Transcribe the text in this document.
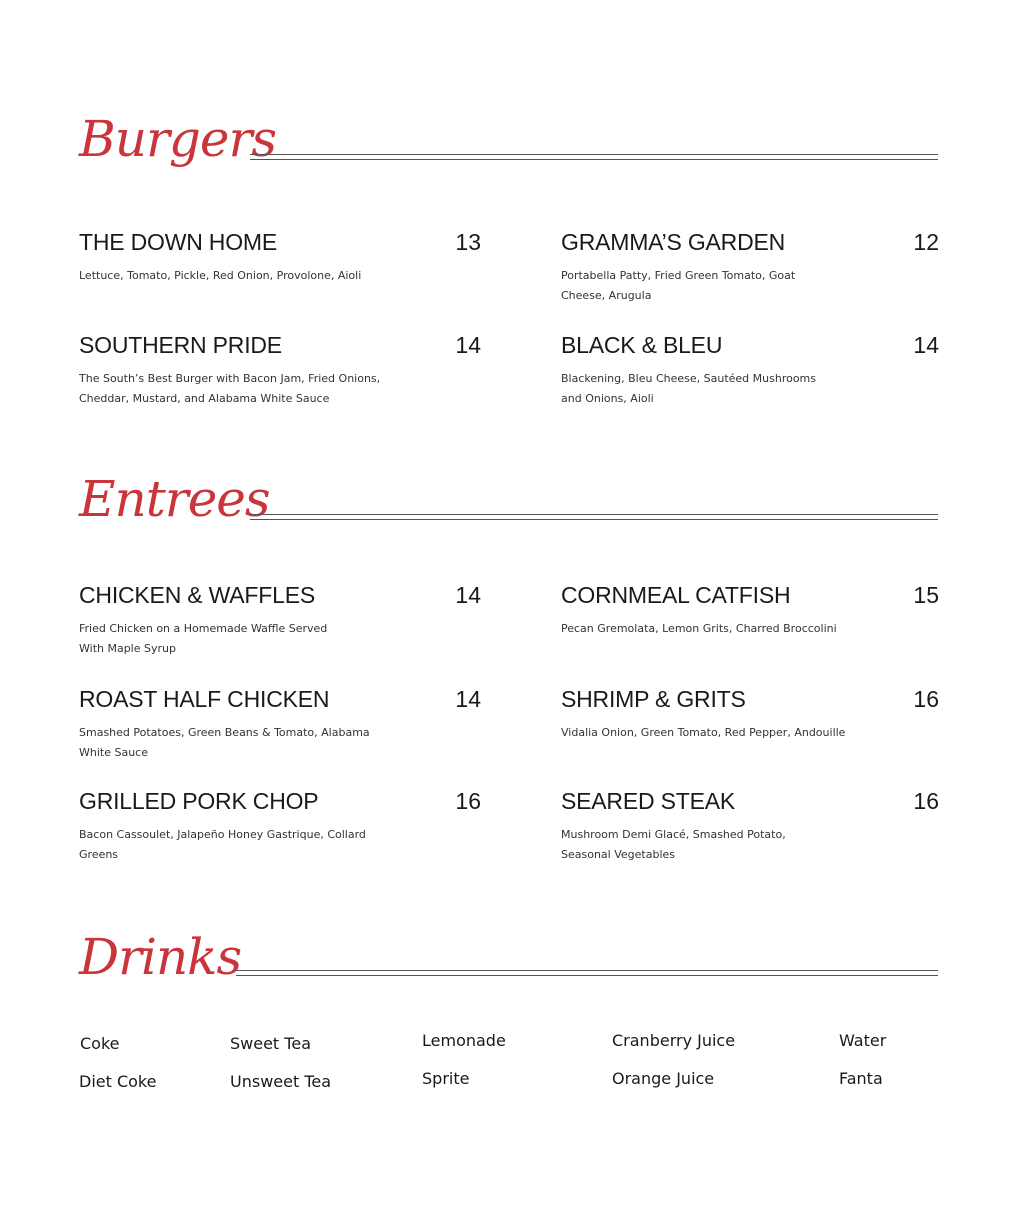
Burgers
THE DOWN HOME	13
Lettuce, Tomato, Pickle, Red Onion, Provolone, Aioli
GRAMMA’S GARDEN	12
Portabella Patty, Fried Green Tomato, Goat Cheese, Arugula
SOUTHERN PRIDE	14
The South’s Best Burger with Bacon Jam, Fried Onions, Cheddar, Mustard, and Alabama White Sauce
BLACK & BLEU	14
Blackening, Bleu Cheese, Sautéed Mushrooms and Onions, Aioli
Entrees
CHICKEN & WAFFLES	14
Fried Chicken on a Homemade Waffle Served With Maple Syrup
CORNMEAL CATFISH	15
Pecan Gremolata, Lemon Grits, Charred Broccolini
ROAST HALF CHICKEN	14
Smashed Potatoes, Green Beans & Tomato, Alabama White Sauce
SHRIMP & GRITS	16
Vidalia Onion, Green Tomato, Red Pepper, Andouille
GRILLED PORK CHOP	16
Bacon Cassoulet, Jalapeño Honey Gastrique, Collard Greens
SEARED STEAK	16
Mushroom Demi Glacé, Smashed Potato, Seasonal Vegetables
Drinks
Coke
Diet Coke
Sweet Tea
Unsweet Tea
Lemonade
Sprite
Cranberry Juice
Orange Juice
Water
Fanta
